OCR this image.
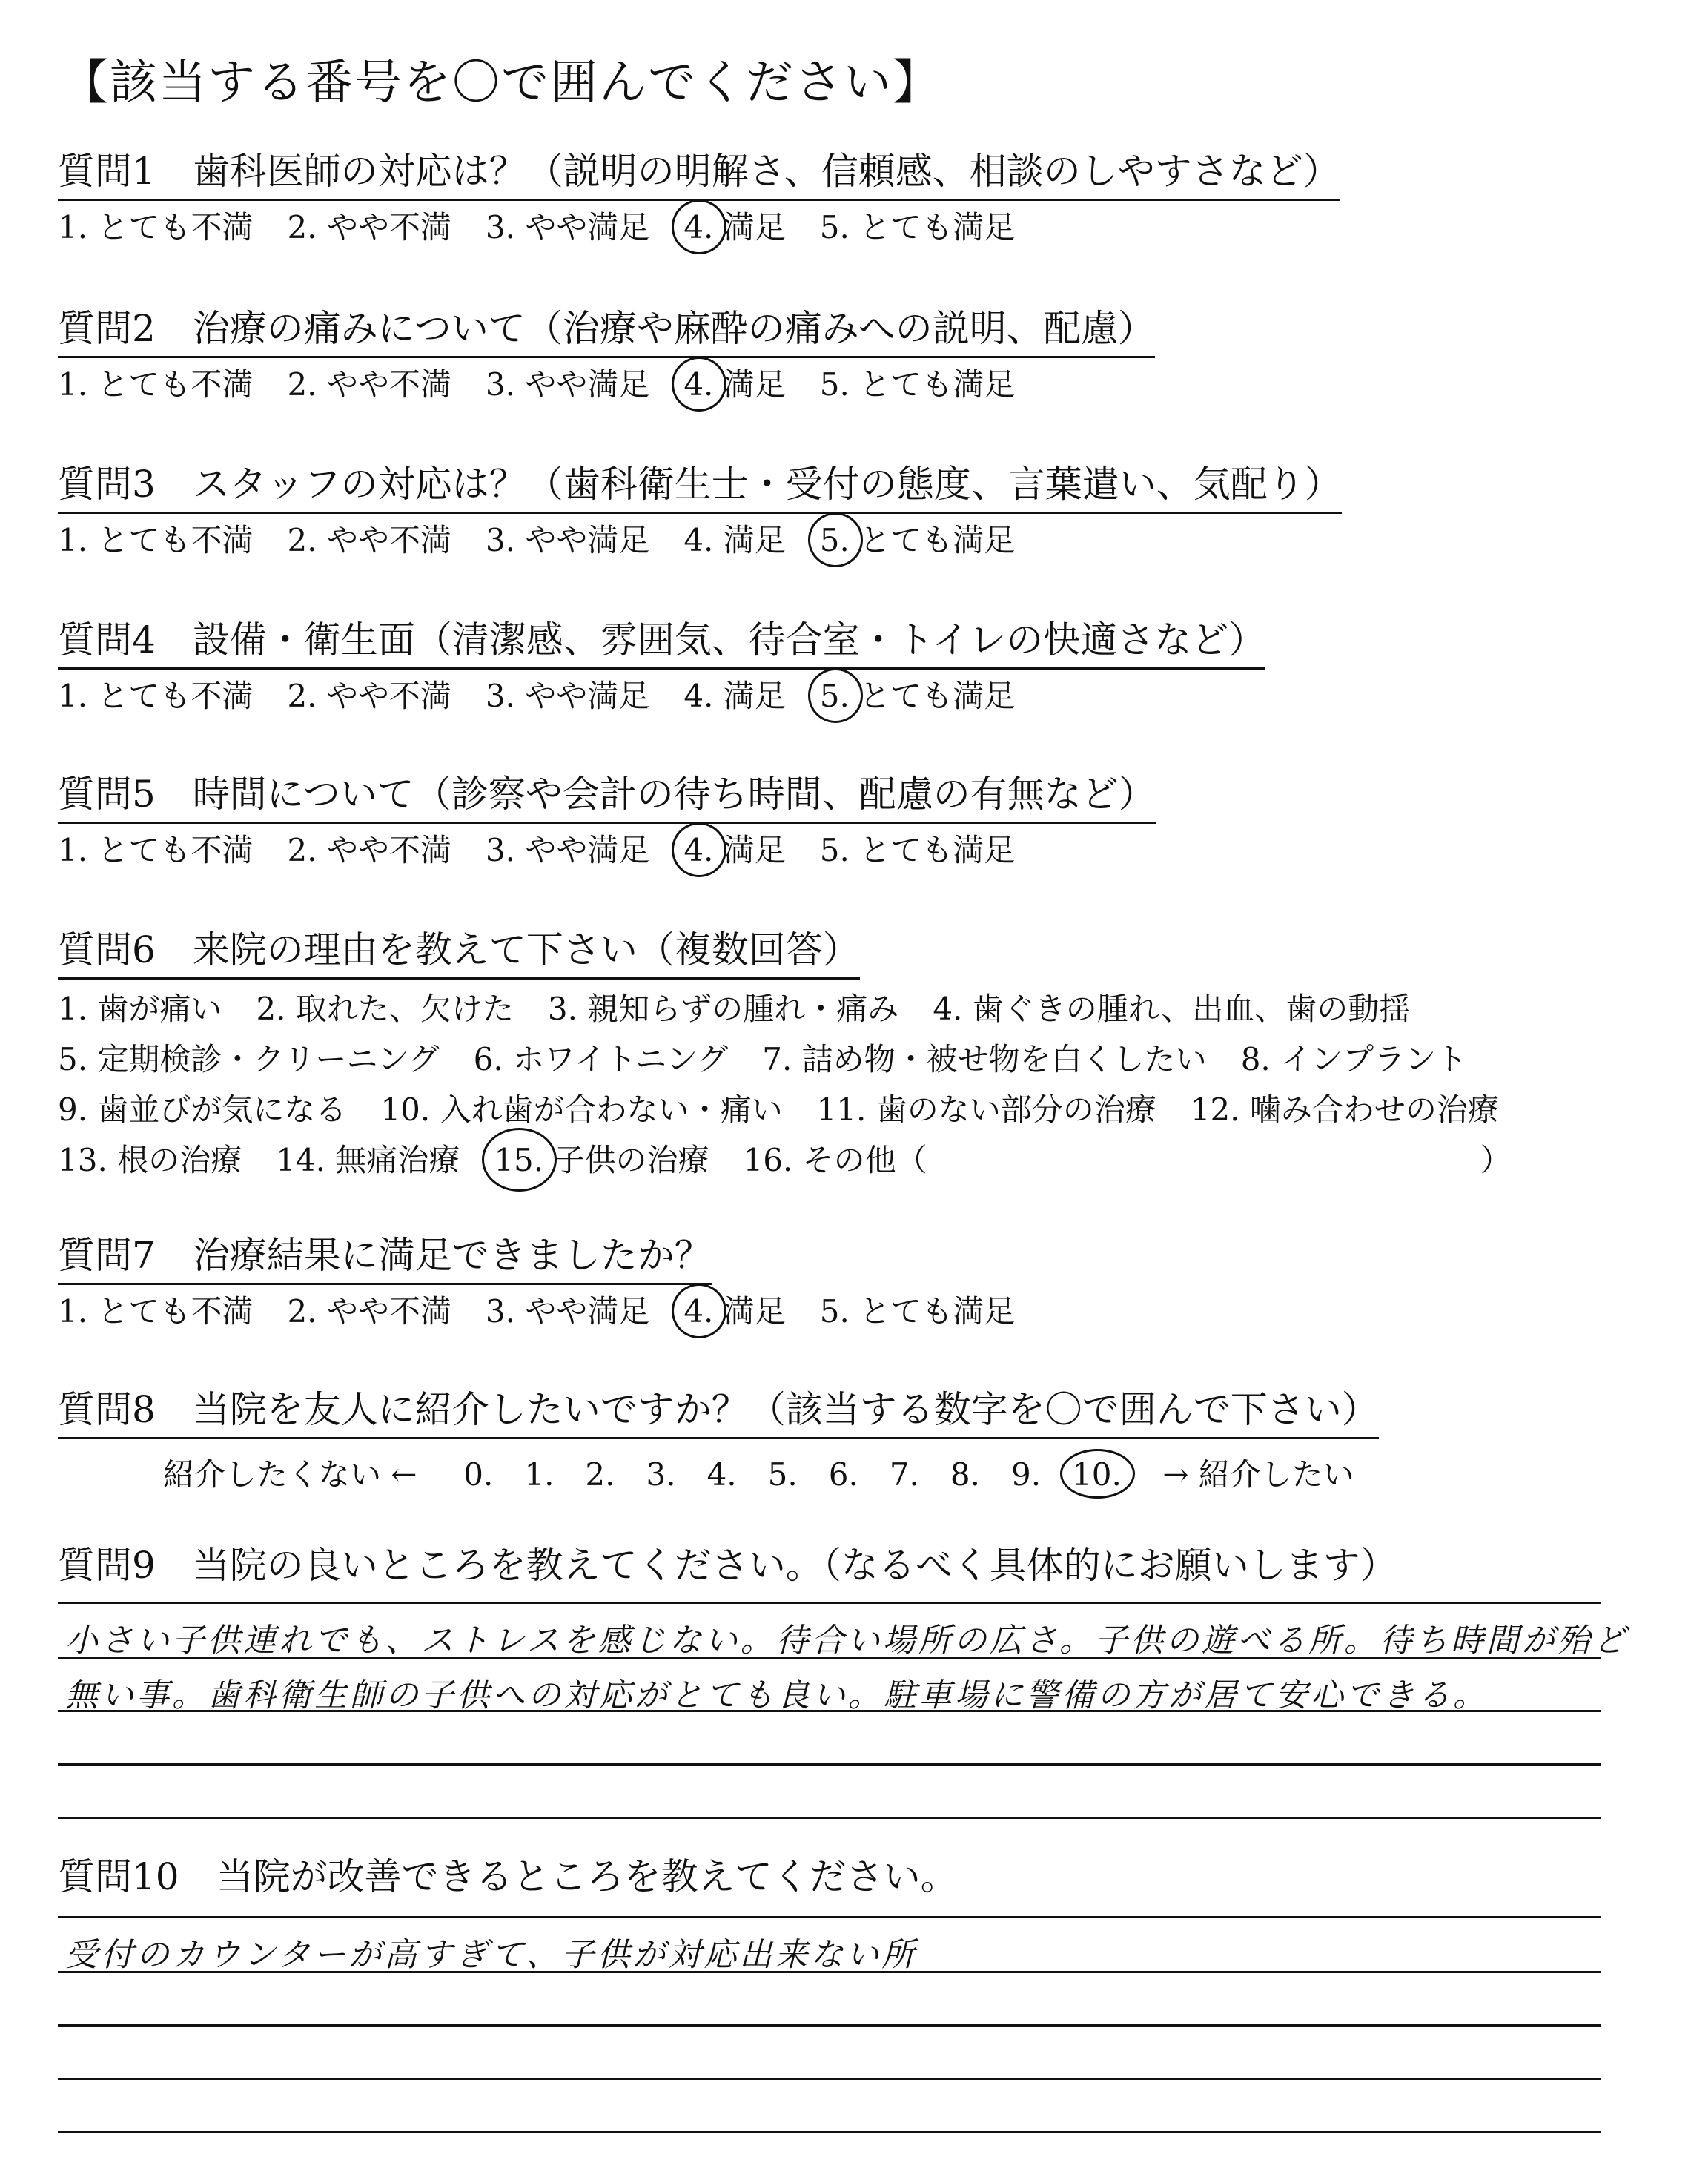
【該当する番号を〇で囲んでください】
質問1　 歯科医師の対応は？（説明の明解さ、信頼感、相談のしやすさなど）
1. とても不満 2. やや不満 3. やや満足 4. 満足 5. とても満足
質問2　 治療の痛みについて（治療や麻酔の痛みへの説明、配慮）
1. とても不満 2. やや不満 3. やや満足 4. 満足 5. とても満足
質問3　 スタッフの対応は？（歯科衛生士・受付の態度、言葉遣い、気配り）
1. とても不満 2. やや不満 3. やや満足 4. 満足 5. とても満足
質問4　 設備・衛生面（清潔感、雰囲気、待合室・トイレの快適さなど）
1. とても不満 2. やや不満 3. やや満足 4. 満足 5. とても満足
質問5　 時間について（診察や会計の待ち時間、配慮の有無など）
1. とても不満 2. やや不満 3. やや満足 4. 満足 5. とても満足
質問6　 来院の理由を教えて下さい（複数回答）
1. 歯が痛い 2. 取れた、欠けた 3. 親知らずの腫れ・痛み 4. 歯ぐきの腫れ、出血、歯の動揺
5. 定期検診・クリーニング 6. ホワイトニング 7. 詰め物・被せ物を白くしたい 8. インプラント
9. 歯並びが気になる 10. 入れ歯が合わない・痛い 11. 歯のない部分の治療 12. 噛み合わせの治療
13. 根の治療 14. 無痛治療 15. 子供の治療 16. その他（	）
質問7　 治療結果に満足できましたか？
1. とても不満 2. やや不満 3. やや満足 4. 満足 5. とても満足
質問8　 当院を友人に紹介したいですか？（該当する数字を〇で囲んで下さい）
紹介したくない ← 0. 1. 2. 3. 4. 5. 6. 7. 8. 9. 10. → 紹介したい
質問9　 当院の良いところを教えてください。（なるべく具体的にお願いします）
小さい子供連れでも、ストレスを感じない。待合い場所の広さ。子供の遊べる所。待ち時間が殆ど
無い事。歯科衛生師の子供への対応がとても良い。駐車場に警備の方が居て安心できる。
質問10　 当院が改善できるところを教えてください。
受付のカウンターが高すぎて、子供が対応出来ない所
